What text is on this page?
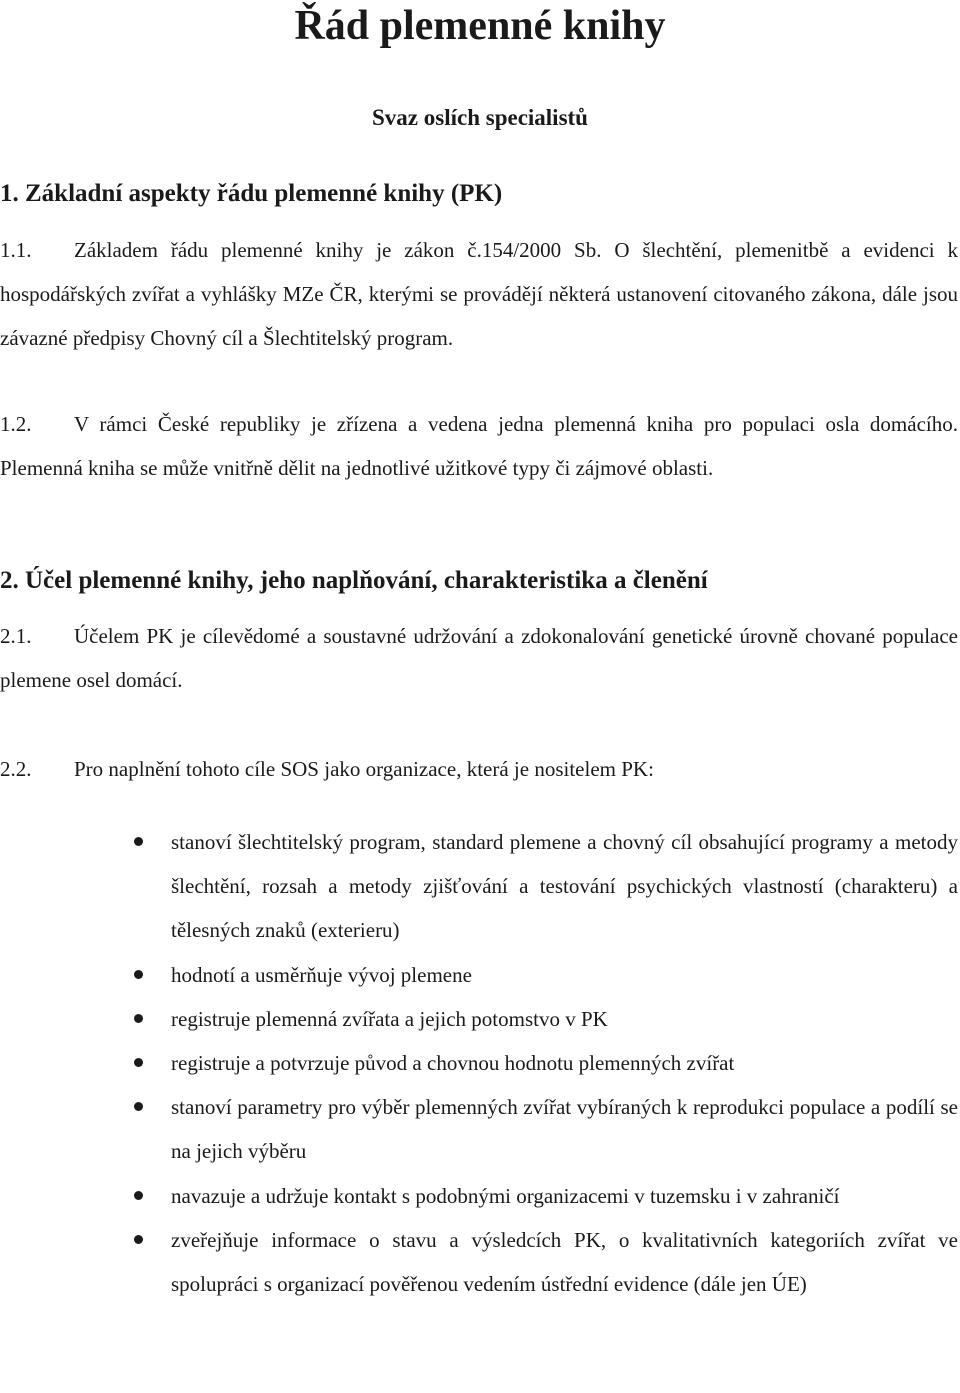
Řád plemenné knihy
Svaz oslích specialistů
1. Základní aspekty řádu plemenné knihy (PK)

1.1. Základem řádu plemenné knihy je zákon č.154/2000 Sb. O šlechtění, plemenitbě a evidenci k hospodářských zvířat a vyhlášky MZe ČR, kterými se provádějí některá ustanovení citovaného zákona, dále jsou závazné předpisy Chovný cíl a Šlechtitelský program.

1.2. V rámci České republiky je zřízena a vedena jedna plemenná kniha pro populaci osla domácího. Plemenná kniha se může vnitřně dělit na jednotlivé užitkové typy či zájmové oblasti.

2. Účel plemenné knihy, jeho naplňování, charakteristika a členění

2.1. Účelem PK je cílevědomé a soustavné udržování a zdokonalování genetické úrovně chované populace plemene osel domácí.

2.2. Pro naplnění tohoto cíle SOS jako organizace, která je nositelem PK:

stanoví šlechtitelský program, standard plemene a chovný cíl obsahující programy a metody šlechtění, rozsah a metody zjišťování a testování psychických vlastností (charakteru) a tělesných znaků (exterieru)
hodnotí a usměrňuje vývoj plemene
registruje plemenná zvířata a jejich potomstvo v PK
registruje a potvrzuje původ a chovnou hodnotu plemenných zvířat
stanoví parametry pro výběr plemenných zvířat vybíraných k reprodukci populace a podílí se na jejich výběru
navazuje a udržuje kontakt s podobnými organizacemi v tuzemsku i v zahraničí
zveřejňuje informace o stavu a výsledcích PK, o kvalitativních kategoriích zvířat ve spolupráci s organizací pověřenou vedením ústřední evidence (dále jen ÚE)
